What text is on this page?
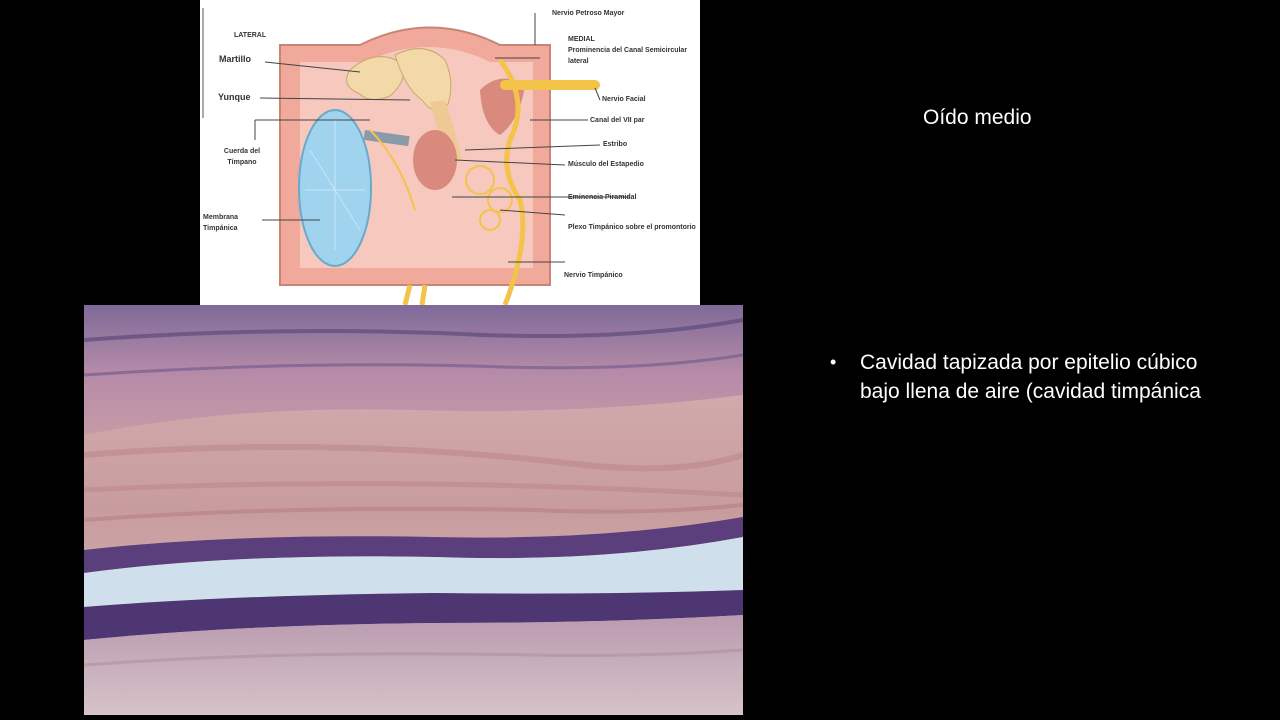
LATERAL
Martillo
Yunque
Cuerda del Tímpano
Membrana Timpánica
Nervio Petroso Mayor
MEDIAL
Prominencia del Canal Semicircular lateral
Nervio Facial
Canal del VII par
Estribo
Músculo del Estapedio
Eminencia Piramidal
Plexo Timpánico sobre el promontorio
Nervio Timpánico
Oído medio
• Cavidad tapizada por epitelio cúbico bajo llena de aire (cavidad timpánica
